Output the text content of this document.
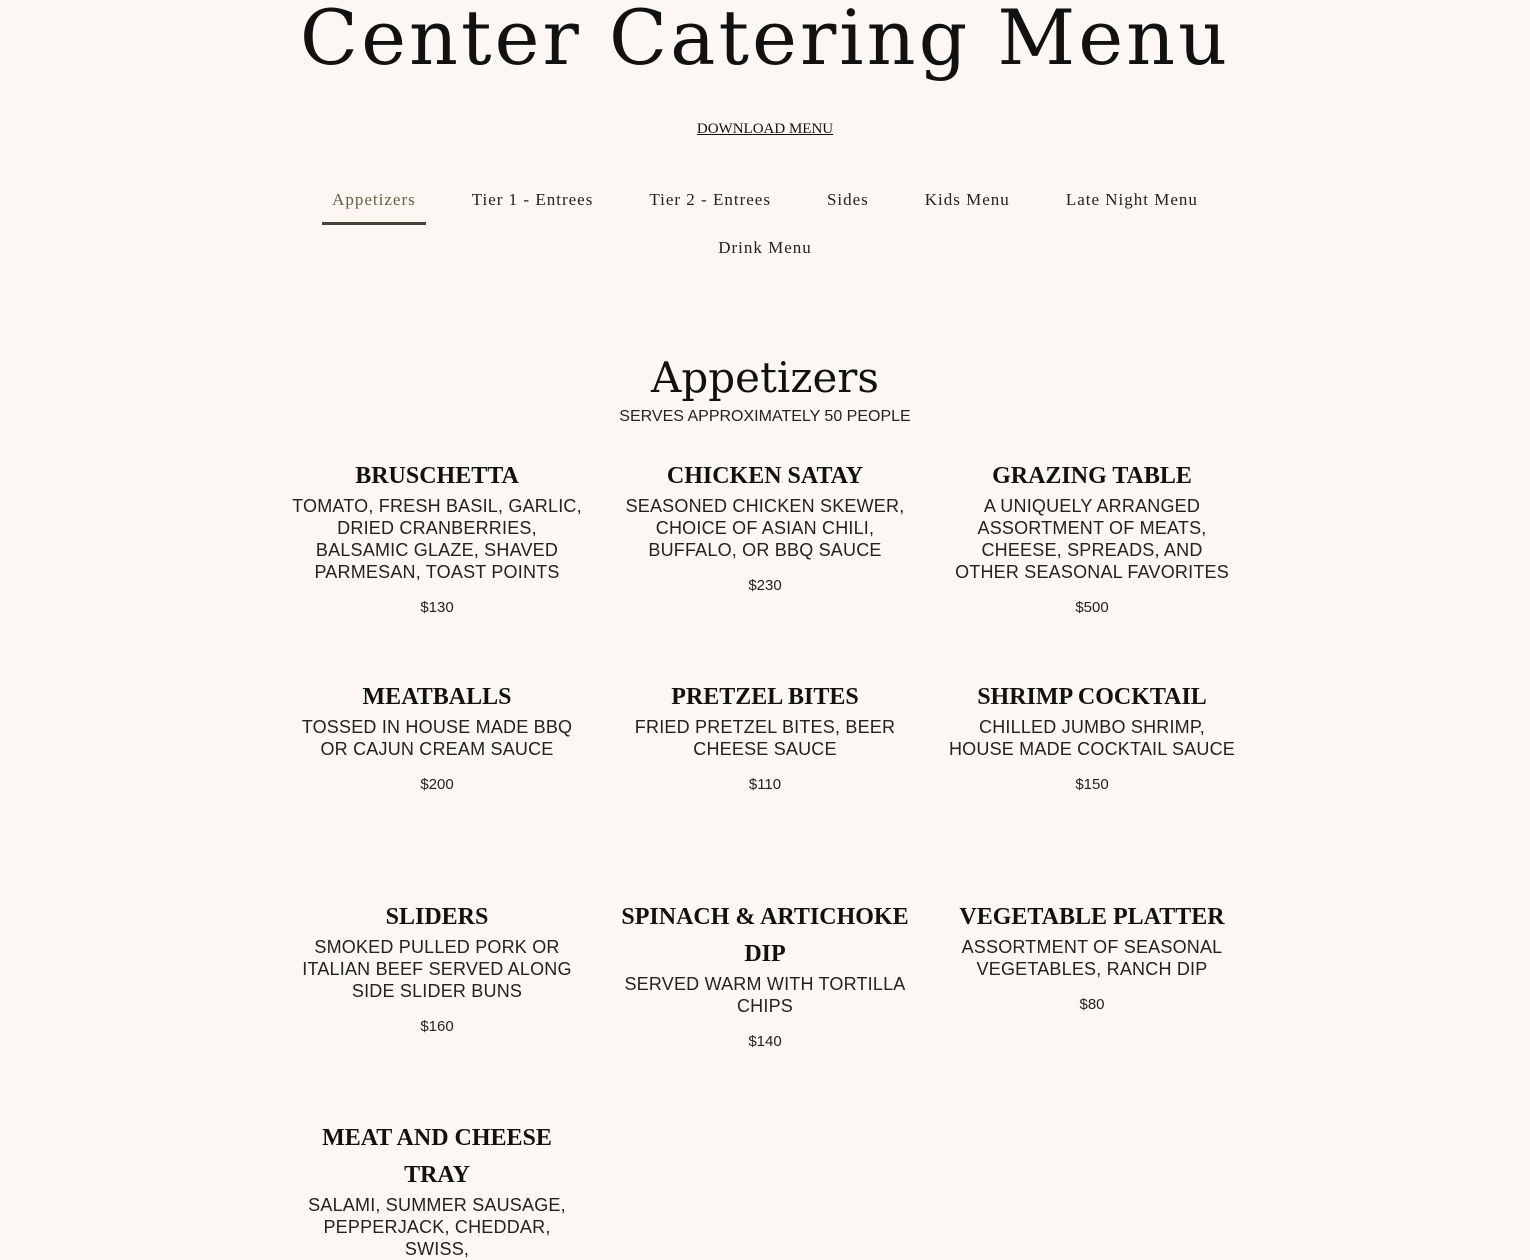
Center Catering Menu
DOWNLOAD MENU
Appetizers	Tier 1 - Entrees	Tier 2 - Entrees	Sides	Kids Menu	Late Night Menu
Drink Menu
Appetizers
SERVES APPROXIMATELY 50 PEOPLE
BRUSCHETTA
TOMATO, FRESH BASIL, GARLIC, DRIED CRANBERRIES, BALSAMIC GLAZE, SHAVED PARMESAN, TOAST POINTS
$130
CHICKEN SATAY
SEASONED CHICKEN SKEWER, CHOICE OF ASIAN CHILI, BUFFALO, OR BBQ SAUCE
$230
GRAZING TABLE
A UNIQUELY ARRANGED ASSORTMENT OF MEATS, CHEESE, SPREADS, AND OTHER SEASONAL FAVORITES
$500
MEATBALLS
TOSSED IN HOUSE MADE BBQ OR CAJUN CREAM SAUCE
$200
PRETZEL BITES
FRIED PRETZEL BITES, BEER CHEESE SAUCE
$110
SHRIMP COCKTAIL
CHILLED JUMBO SHRIMP, HOUSE MADE COCKTAIL SAUCE
$150
SLIDERS
SMOKED PULLED PORK OR ITALIAN BEEF SERVED ALONG SIDE SLIDER BUNS
$160
SPINACH & ARTICHOKE DIP
SERVED WARM WITH TORTILLA CHIPS
$140
VEGETABLE PLATTER
ASSORTMENT OF SEASONAL VEGETABLES, RANCH DIP
$80
MEAT AND CHEESE TRAY
SALAMI, SUMMER SAUSAGE, PEPPERJACK, CHEDDAR, SWISS,
